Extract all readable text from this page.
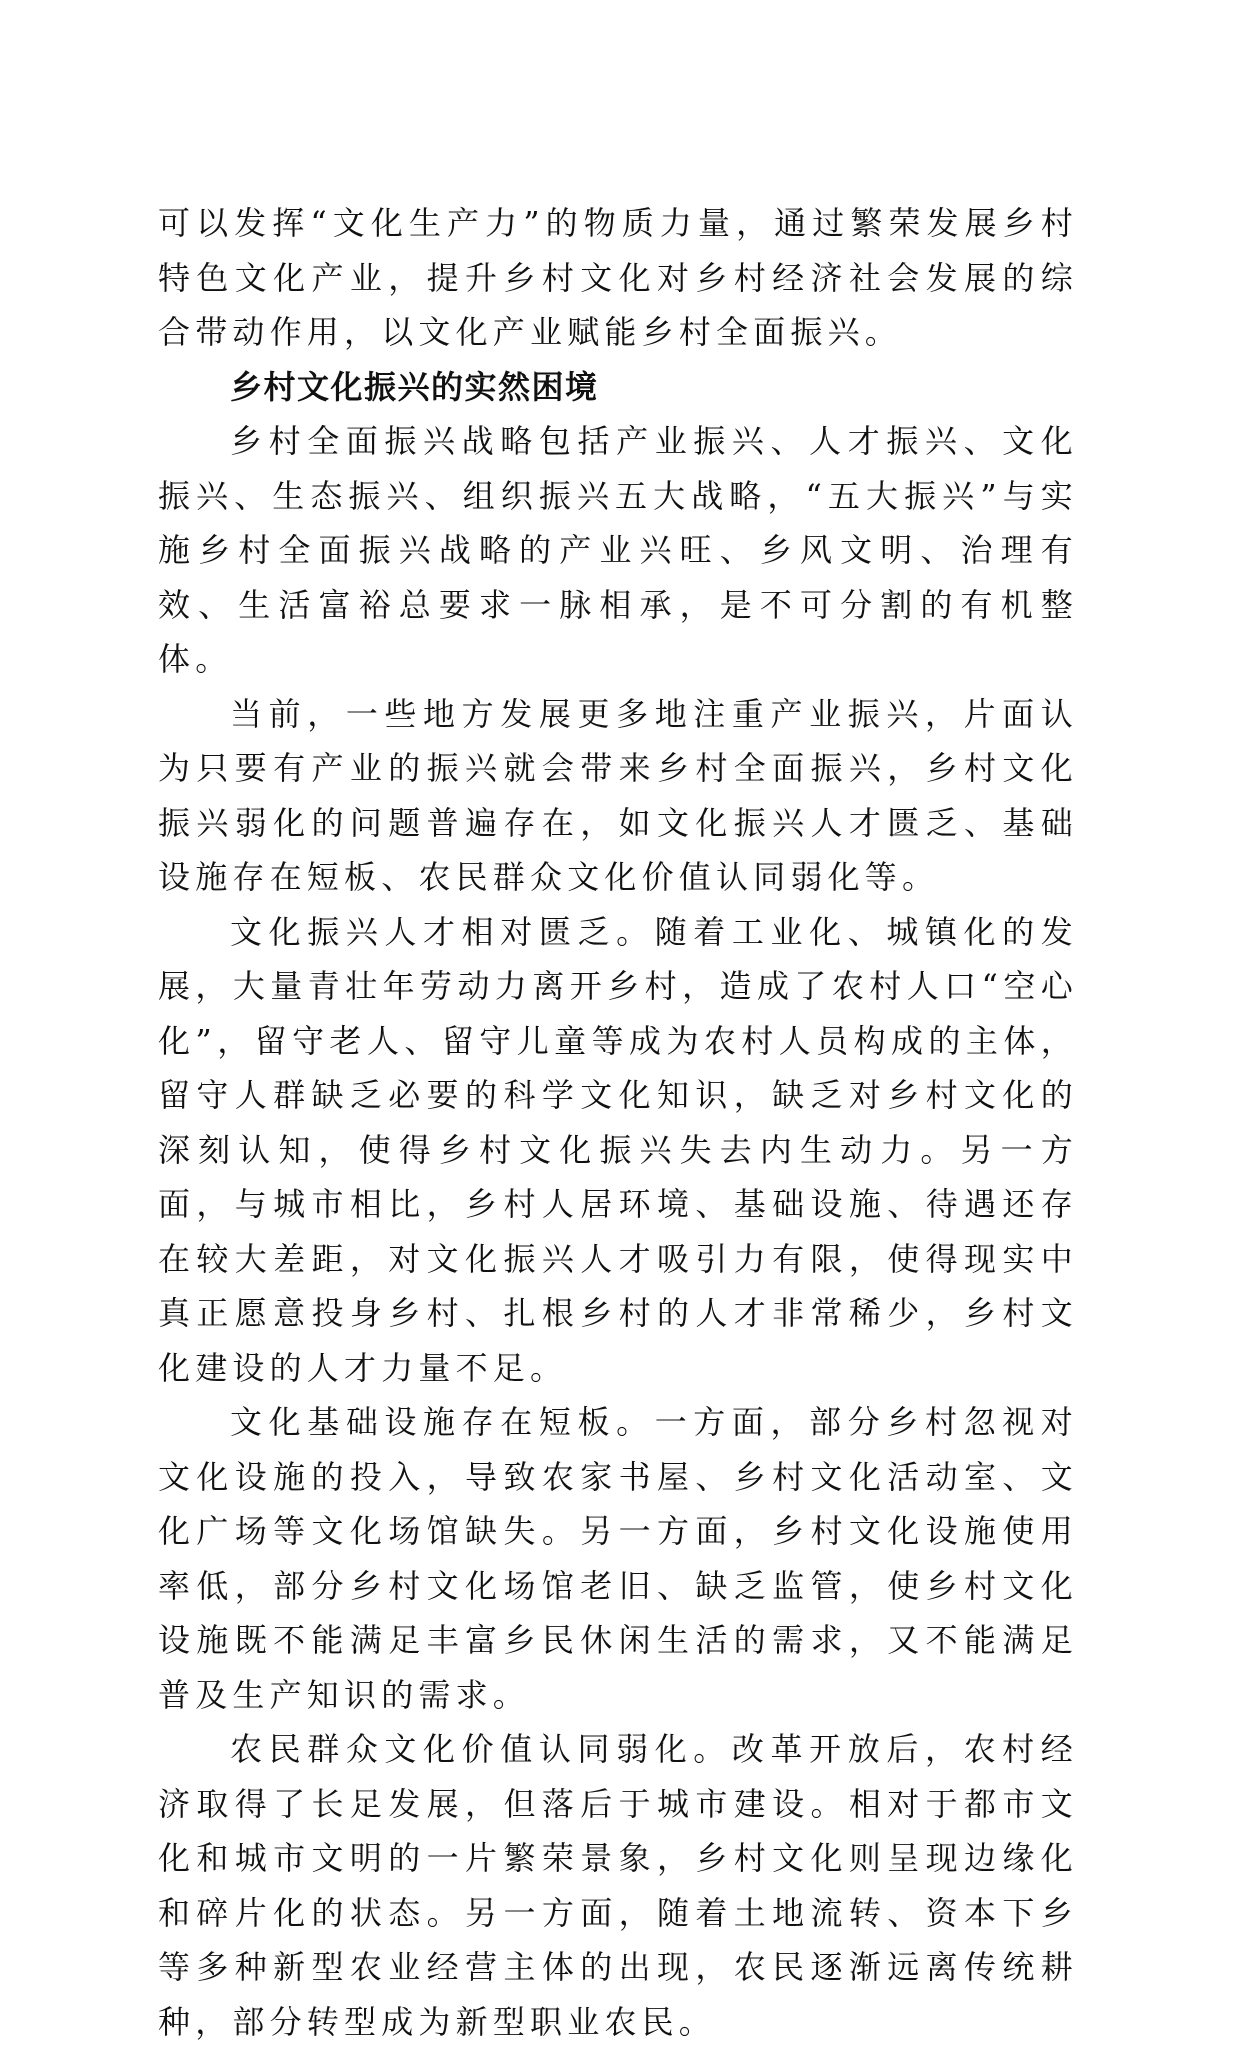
可以发挥“文化生产力”的物质力量，通过繁荣发展乡村特色文化产业，提升乡村文化对乡村经济社会发展的综合带动作用，以文化产业赋能乡村全面振兴。

乡村文化振兴的实然困境

乡村全面振兴战略包括产业振兴、人才振兴、文化振兴、生态振兴、组织振兴五大战略，“五大振兴”与实施乡村全面振兴战略的产业兴旺、乡风文明、治理有效、生活富裕总要求一脉相承，是不可分割的有机整体。

当前，一些地方发展更多地注重产业振兴，片面认为只要有产业的振兴就会带来乡村全面振兴，乡村文化振兴弱化的问题普遍存在，如文化振兴人才匮乏、基础设施存在短板、农民群众文化价值认同弱化等。

文化振兴人才相对匮乏。随着工业化、城镇化的发展，大量青壮年劳动力离开乡村，造成了农村人口“空心化”，留守老人、留守儿童等成为农村人员构成的主体，留守人群缺乏必要的科学文化知识，缺乏对乡村文化的深刻认知，使得乡村文化振兴失去内生动力。另一方面，与城市相比，乡村人居环境、基础设施、待遇还存在较大差距，对文化振兴人才吸引力有限，使得现实中真正愿意投身乡村、扎根乡村的人才非常稀少，乡村文化建设的人才力量不足。

文化基础设施存在短板。一方面，部分乡村忽视对文化设施的投入，导致农家书屋、乡村文化活动室、文化广场等文化场馆缺失。另一方面，乡村文化设施使用率低，部分乡村文化场馆老旧、缺乏监管，使乡村文化设施既不能满足丰富乡民休闲生活的需求，又不能满足普及生产知识的需求。

农民群众文化价值认同弱化。改革开放后，农村经济取得了长足发展，但落后于城市建设。相对于都市文化和城市文明的一片繁荣景象，乡村文化则呈现边缘化和碎片化的状态。另一方面，随着土地流转、资本下乡等多种新型农业经营主体的出现，农民逐渐远离传统耕种，部分转型成为新型职业农民。
